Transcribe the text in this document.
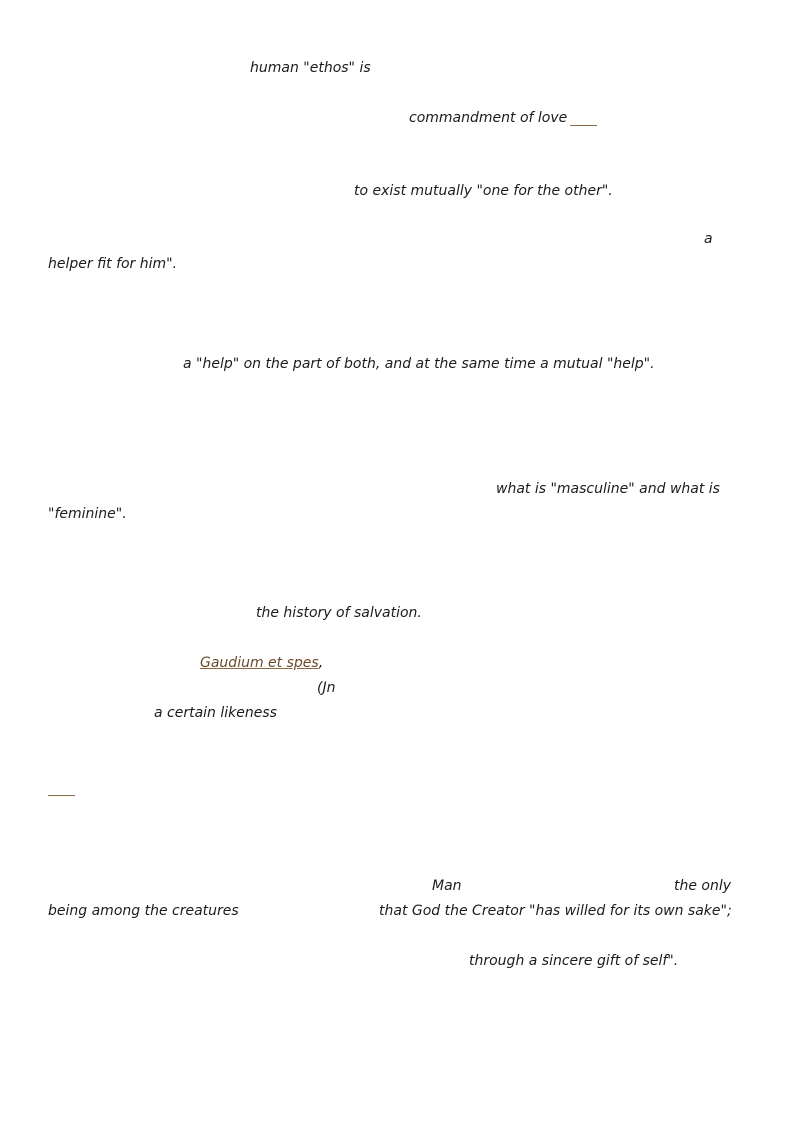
human "ethos" is
commandment of love
to exist mutually "one for the other".
a
helper fit for him".
a "help" on the part of both, and at the same time a mutual "help".
what is "masculine" and what is
"feminine".
the history of salvation.
Gaudium et spes,
(Jn
a certain likeness
Man	the only
being among the creatures	that God the Creator "has willed for its own sake";
through a sincere gift of self".
